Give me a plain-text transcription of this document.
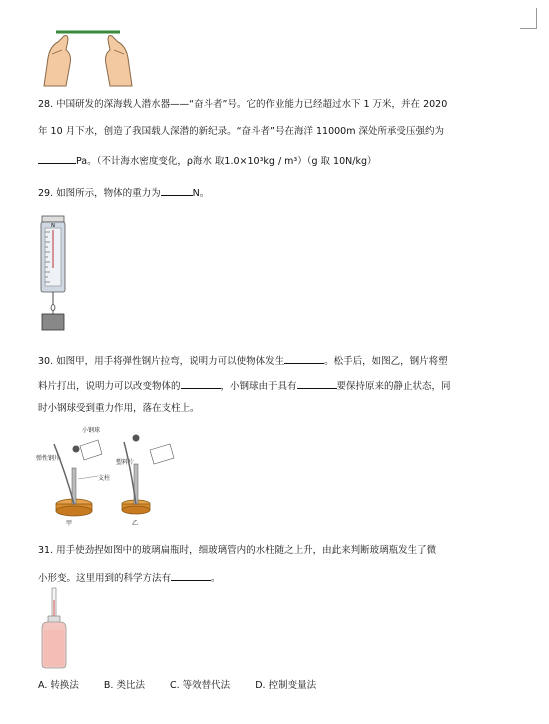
28. 中国研发的深海载人潜水器——“奋斗者”号。它的作业能力已经超过水下 1 万米，并在 2020
年 10 月下水，创造了我国载人深潜的新纪录。“奋斗者”号在海洋 11000m 深处所承受压强约为
Pa。（不计海水密度变化，ρ海水 取1.0×10³kg / m³）（g 取 10N/kg）
29. 如图所示，物体的重力为	N。
N
30. 如图甲，用手将弹性钢片拉弯，说明力可以使物体发生	。松手后，如图乙，钢片将塑
料片打出，说明力可以改变物体的	，小钢球由于具有	要保持原来的静止状态，同
时小钢球受到重力作用，落在支柱上。
小钢球
弹性钢片
塑料片
支柱
甲	乙
31. 用手使劲捏如图中的玻璃扁瓶时，细玻璃管内的水柱随之上升，由此来判断玻璃瓶发生了微
小形变。这里用到的科学方法有	。
A. 转换法	B. 类比法	C. 等效替代法	D. 控制变量法
